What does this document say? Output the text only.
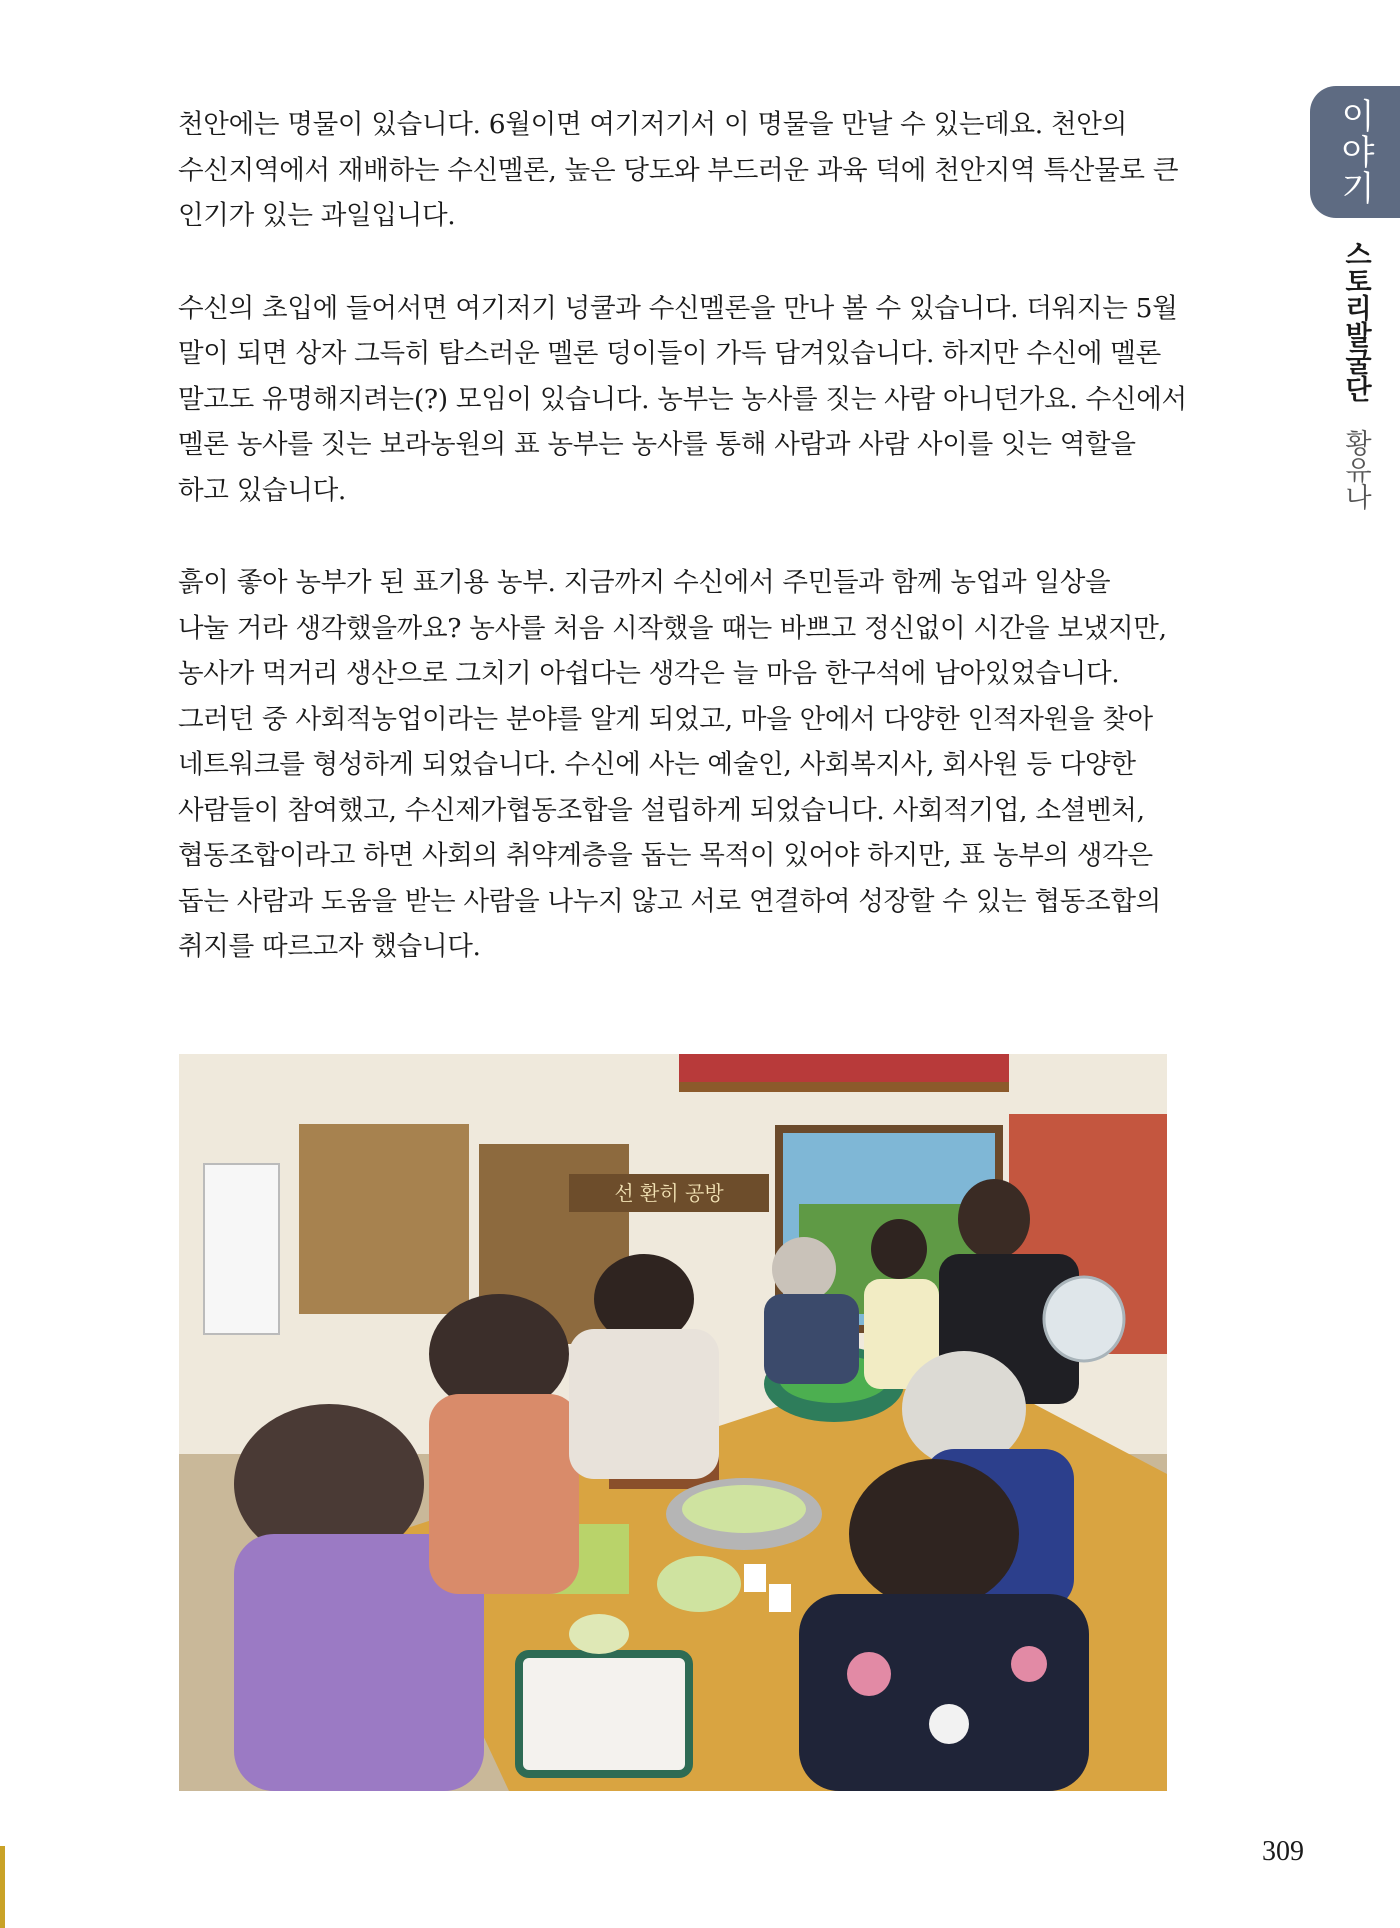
천안에는 명물이 있습니다. 6월이면 여기저기서 이 명물을 만날 수 있는데요. 천안의
수신지역에서 재배하는 수신멜론, 높은 당도와 부드러운 과육 덕에 천안지역 특산물로 큰
인기가 있는 과일입니다.

수신의 초입에 들어서면 여기저기 넝쿨과 수신멜론을 만나 볼 수 있습니다. 더워지는 5월
말이 되면 상자 그득히 탐스러운 멜론 덩이들이 가득 담겨있습니다. 하지만 수신에 멜론
말고도 유명해지려는(?) 모임이 있습니다. 농부는 농사를 짓는 사람 아니던가요. 수신에서
멜론 농사를 짓는 보라농원의 표 농부는 농사를 통해 사람과 사람 사이를 잇는 역할을
하고 있습니다.

흙이 좋아 농부가 된 표기용 농부. 지금까지 수신에서 주민들과 함께 농업과 일상을
나눌 거라 생각했을까요? 농사를 처음 시작했을 때는 바쁘고 정신없이 시간을 보냈지만,
농사가 먹거리 생산으로 그치기 아쉽다는 생각은 늘 마음 한구석에 남아있었습니다.
그러던 중 사회적농업이라는 분야를 알게 되었고, 마을 안에서 다양한 인적자원을 찾아
네트워크를 형성하게 되었습니다. 수신에 사는 예술인, 사회복지사, 회사원 등 다양한
사람들이 참여했고, 수신제가협동조합을 설립하게 되었습니다. 사회적기업, 소셜벤처,
협동조합이라고 하면 사회의 취약계층을 돕는 목적이 있어야 하지만, 표 농부의 생각은
돕는 사람과 도움을 받는 사람을 나누지 않고 서로 연결하여 성장할 수 있는 협동조합의
취지를 따르고자 했습니다.

이야기
스토리발굴단 황유나
선 환히 공방
309
